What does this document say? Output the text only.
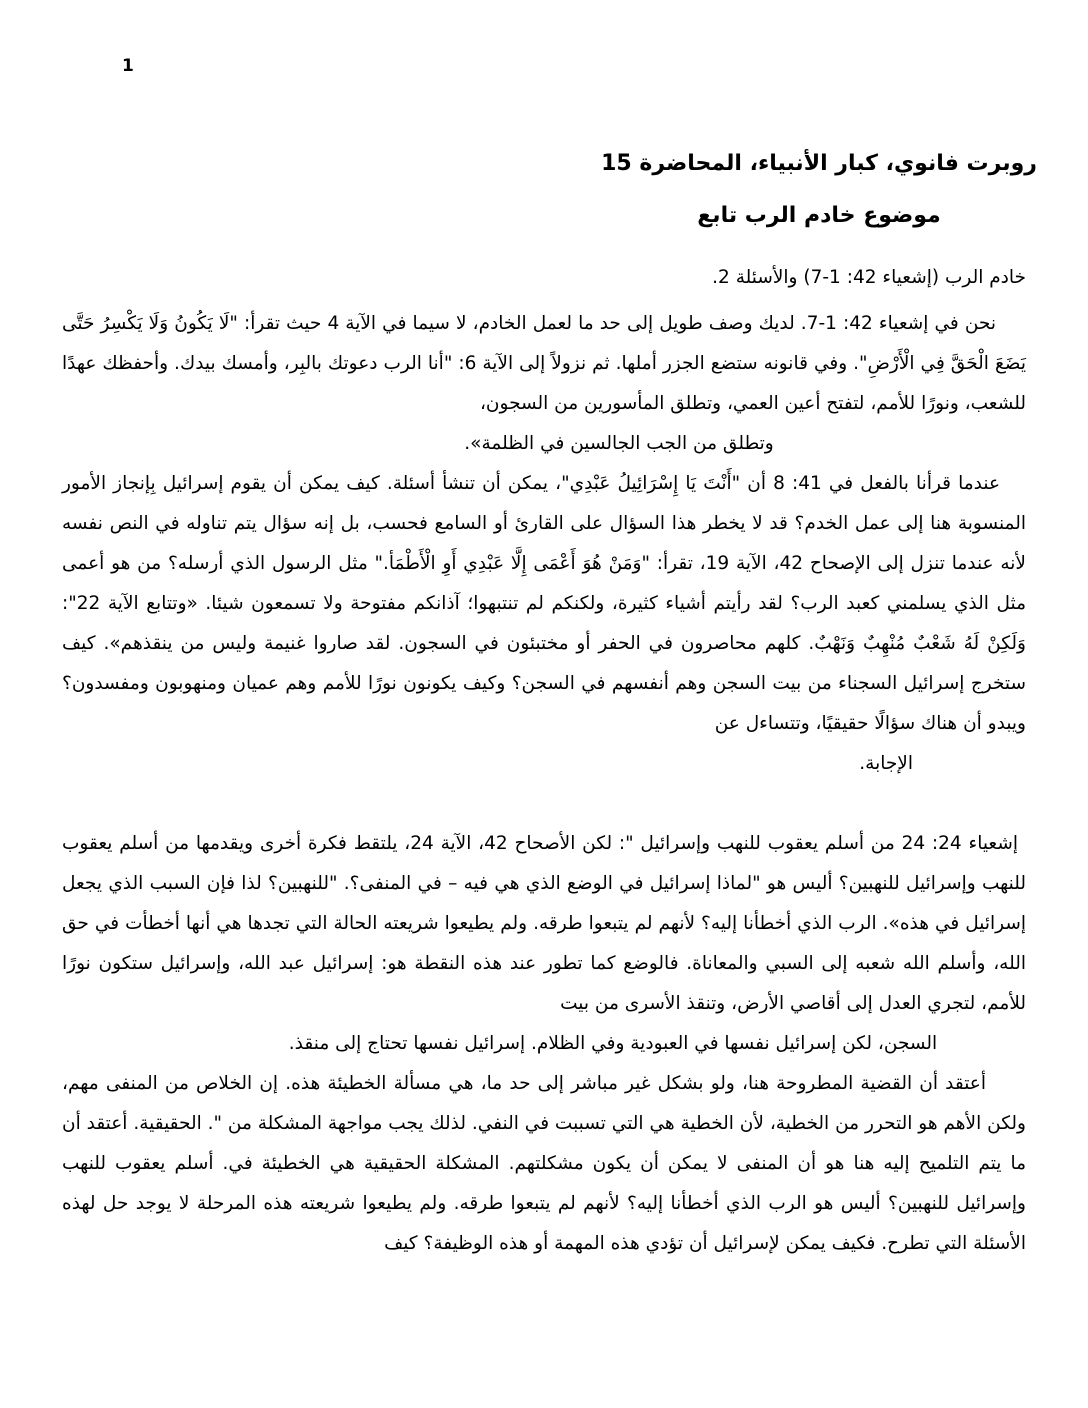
1
روبرت فانوي، كبار الأنبياء، المحاضرة 15
موضوع خادم الرب تابع
خادم الرب (إشعياء 42: 1-7) والأسئلة 2.
نحن في إشعياء 42: 1-7. لديك وصف طويل إلى حد ما لعمل الخادم، لا سيما في الآية 4 حيث تقرأ: "لَا يَكُونُ وَلَا يَكْسِرُ حَتَّى يَضَعَ الْحَقَّ فِي الْأَرْضِ". وفي قانونه ستضع الجزر أملها. ثم نزولاً إلى الآية 6: "أنا الرب دعوتك بالبِر، وأمسك بيدك. وأحفظك عهدًا للشعب، ونورًا للأمم، لتفتح أعين العمي، وتطلق المأسورين من السجون،
وتطلق من الجب الجالسين في الظلمة».
عندما قرأنا بالفعل في 41: 8 أن "أَنْتَ يَا إِسْرَائِيلُ عَبْدِي"، يمكن أن تنشأ أسئلة. كيف يمكن أن يقوم إسرائيل بِإنجاز الأمور المنسوبة هنا إلى عمل الخدم؟ قد لا يخطر هذا السؤال على القارئ أو السامع فحسب، بل إنه سؤال يتم تناوله في النص نفسه لأنه عندما تنزل إلى الإصحاح 42، الآية 19، تقرأ: "وَمَنْ هُوَ أَعْمَى إِلَّا عَبْدِي أَوِ الْأَطْمَأ." مثل الرسول الذي أرسله؟ من هو أعمى مثل الذي يسلمني كعبد الرب؟ لقد رأيتم أشياء كثيرة، ولكنكم لم تنتبهوا؛ آذانكم مفتوحة ولا تسمعون شيئا. «وتتابع الآية 22": وَلَكِنْ لَهُ شَعْبٌ مُنْهِبٌ وَنَهْبٌ. كلهم محاصرون في الحفر أو مختبئون في السجون. لقد صاروا غنيمة وليس من ينقذهم». كيف ستخرج إسرائيل السجناء من بيت السجن وهم أنفسهم في السجن؟ وكيف يكونون نورًا للأمم وهم عميان ومنهوبون ومفسدون؟ ويبدو أن هناك سؤالًا حقيقيًا، وتتساءل عن
الإجابة.
إشعياء 24: 24 من أسلم يعقوب للنهب وإسرائيل ": لكن الأصحاح 42، الآية 24، يلتقط فكرة أخرى ويقدمها من أسلم يعقوب للنهب وإسرائيل للنهبين؟ أليس هو "لماذا إسرائيل في الوضع الذي هي فيه – في المنفى؟. "للنهبين؟ لذا فإن السبب الذي يجعل إسرائيل في هذه». الرب الذي أخطأنا إليه؟ لأنهم لم يتبعوا طرقه. ولم يطيعوا شريعته الحالة التي تجدها هي أنها أخطأت في حق الله، وأسلم الله شعبه إلى السبي والمعاناة. فالوضع كما تطور عند هذه النقطة هو: إسرائيل عبد الله، وإسرائيل ستكون نورًا للأمم، لتجري العدل إلى أقاصي الأرض، وتنقذ الأسرى من بيت
السجن، لكن إسرائيل نفسها في العبودية وفي الظلام. إسرائيل نفسها تحتاج إلى منقذ.
أعتقد أن القضية المطروحة هنا، ولو بشكل غير مباشر إلى حد ما، هي مسألة الخطيئة هذه. إن الخلاص من المنفى مهم، ولكن الأهم هو التحرر من الخطية، لأن الخطية هي التي تسببت في النفي. لذلك يجب مواجهة المشكلة من ". الحقيقية. أعتقد أن ما يتم التلميح إليه هنا هو أن المنفى لا يمكن أن يكون مشكلتهم. المشكلة الحقيقية هي الخطيئة في. أسلم يعقوب للنهب وإسرائيل للنهبين؟ أليس هو الرب الذي أخطأنا إليه؟ لأنهم لم يتبعوا طرقه. ولم يطيعوا شريعته هذه المرحلة لا يوجد حل لهذه الأسئلة التي تطرح. فكيف يمكن لإسرائيل أن تؤدي هذه المهمة أو هذه الوظيفة؟ كيف
